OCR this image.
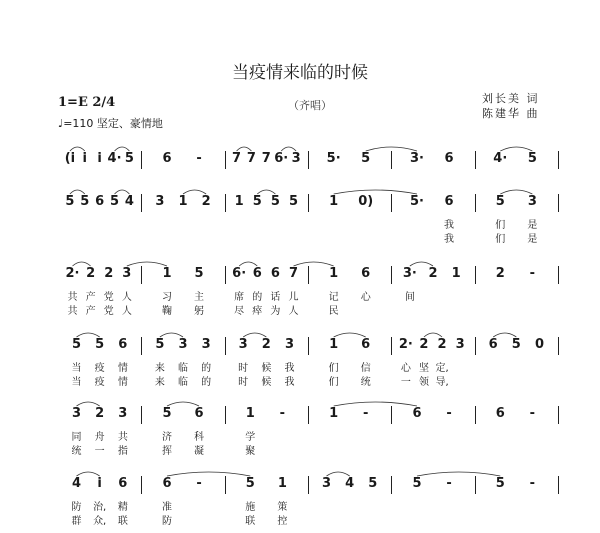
当疫情来临的时候
1=E 2/4	（齐唱）
刘长美 词
陈建华 曲
♩=110 坚定、豪情地
(i i i 4· 5 6 - 7 7 7 6· 3 5· 5	3· 6	4· 5
5 5 6 5 4 3 1 2 1 5 5 5 1 0)	5· 6	5 3
我	们 是
我	们 是
2· 2 2 3 1 5 6· 6 6 7 1 6	3· 2 1	2 -
共 产 党 人	习 主	席 的 话 儿	记 心	间
共 产 党 人	鞠 躬	尽 瘁 为 人	民
5 5 6 5 3 3 3 2 3	1 6 2· 2 2 3 6 5 0
当 疫 情	来 临 的	时 候 我	们 信	心 坚 定,
当 疫 情	来 临 的	时 候 我	们 统	一 领 导,
3 2 3	5 6	1 -	1 -	6 -	6 -
同 舟 共	济 科	学
统 一 指	挥 凝	聚
4 i 6	6 -	5 1	3 4 5	5 -	5 -
防 治, 精	准	施 策
群 众, 联	防	联 控
